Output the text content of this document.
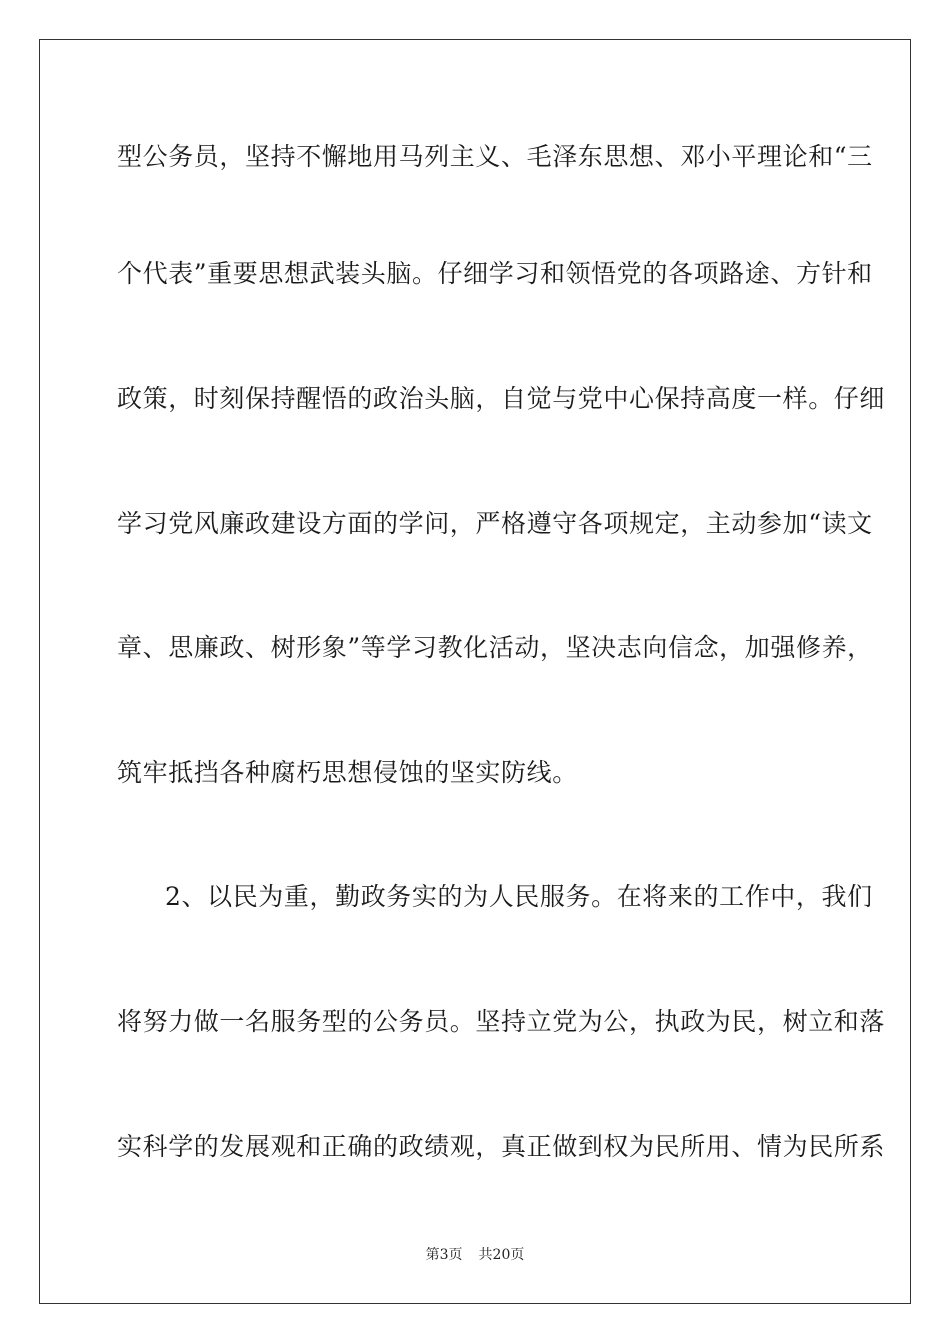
型公务员，坚持不懈地用马列主义、毛泽东思想、邓小平理论和“三
个代表”重要思想武装头脑。仔细学习和领悟党的各项路途、方针和
政策，时刻保持醒悟的政治头脑，自觉与党中心保持高度一样。仔细
学习党风廉政建设方面的学问，严格遵守各项规定，主动参加“读文
章、思廉政、树形象”等学习教化活动，坚决志向信念，加强修养，
筑牢抵挡各种腐朽思想侵蚀的坚实防线。
2、以民为重，勤政务实的为人民服务。在将来的工作中，我们
将努力做一名服务型的公务员。坚持立党为公，执政为民，树立和落
实科学的发展观和正确的政绩观，真正做到权为民所用、情为民所系
第3页 共20页
